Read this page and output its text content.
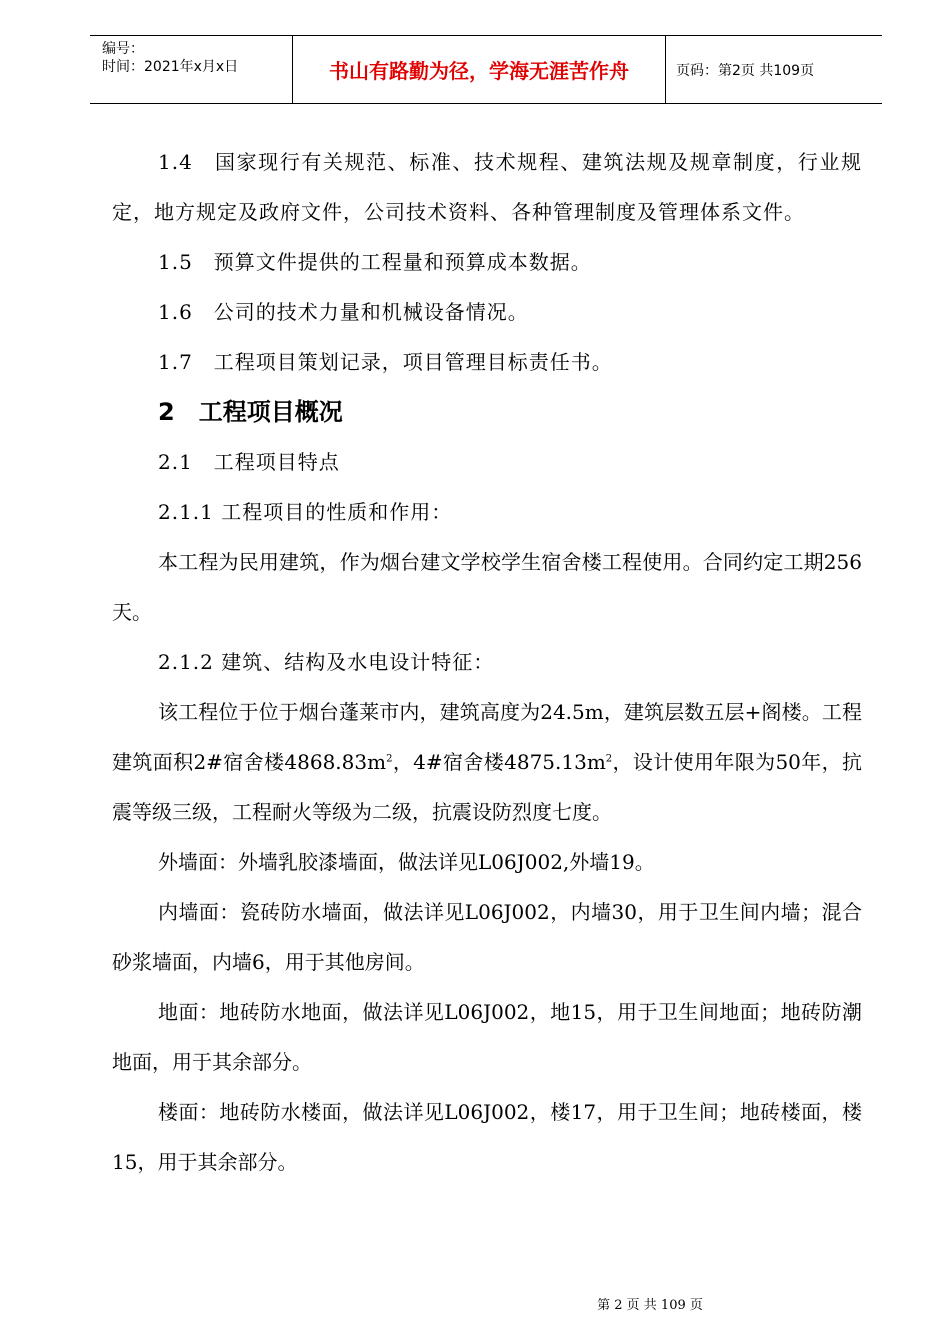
编号：
时间：2021年x月x日	书山有路勤为径，学海无涯苦作舟	页码：第2页 共109页

1.4　国家现行有关规范、标准、技术规程、建筑法规及规章制度，行业规定，地方规定及政府文件，公司技术资料、各种管理制度及管理体系文件。

1.5　预算文件提供的工程量和预算成本数据。

1.6　公司的技术力量和机械设备情况。

1.7　工程项目策划记录，项目管理目标责任书。

2　工程项目概况

2.1　工程项目特点

2.1.1 工程项目的性质和作用：

本工程为民用建筑，作为烟台建文学校学生宿舍楼工程使用。合同约定工期256天。

2.1.2 建筑、结构及水电设计特征：

该工程位于位于烟台蓬莱市内，建筑高度为24.5m，建筑层数五层+阁楼。工程建筑面积2#宿舍楼$4868.83m^2$，4#宿舍楼$4875.13m^2$，设计使用年限为50年，抗震等级三级，工程耐火等级为二级，抗震设防烈度七度。

外墙面：外墙乳胶漆墙面，做法详见L06J002,外墙19。

内墙面：瓷砖防水墙面，做法详见L06J002，内墙30，用于卫生间内墙；混合砂浆墙面，内墙6，用于其他房间。

地面：地砖防水地面，做法详见L06J002，地15，用于卫生间地面；地砖防潮地面，用于其余部分。

楼面：地砖防水楼面，做法详见L06J002，楼17，用于卫生间；地砖楼面，楼15，用于其余部分。

第 2 页 共 109 页
